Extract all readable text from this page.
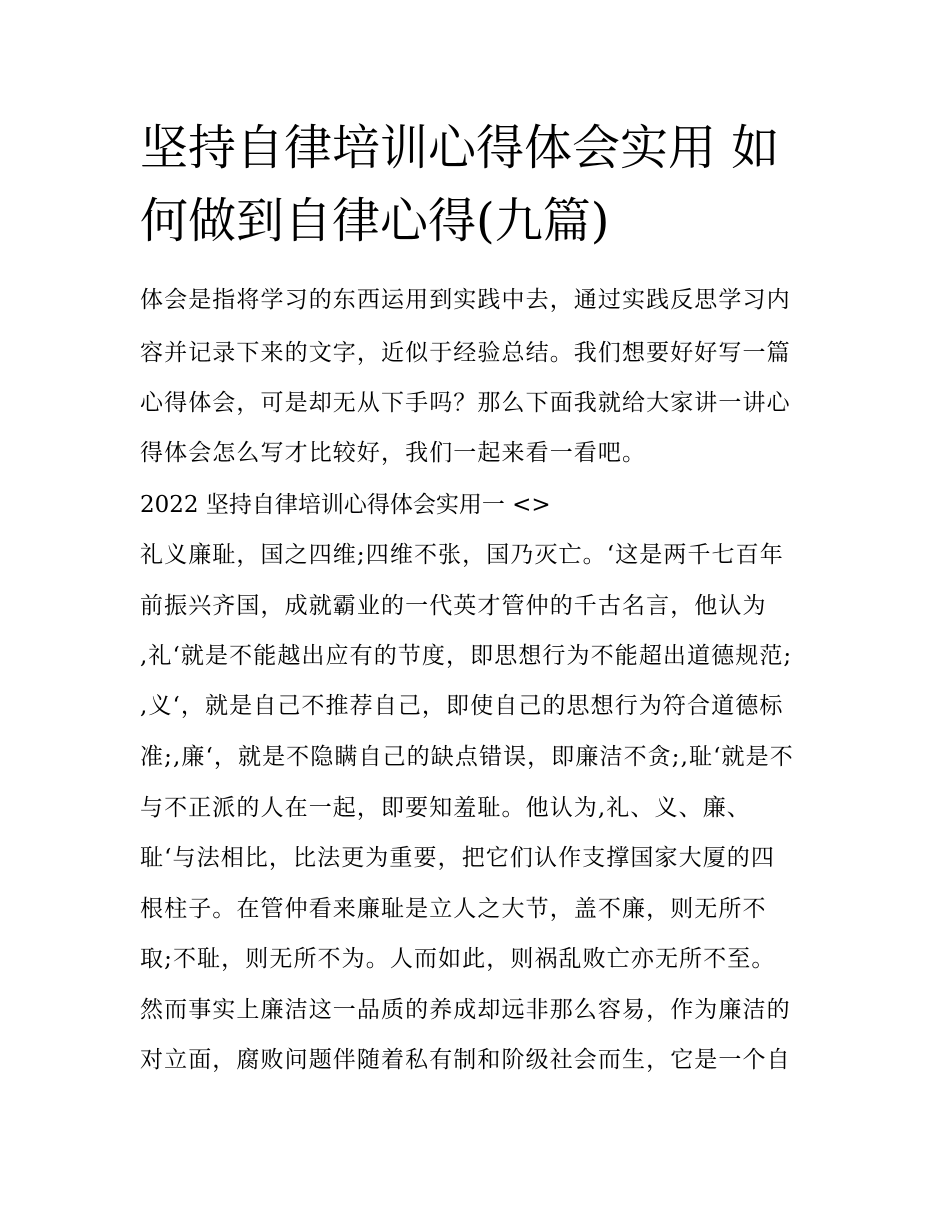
坚持自律培训心得体会实用 如
何做到自律心得(九篇)

体会是指将学习的东西运用到实践中去，通过实践反思学习内

容并记录下来的文字，近似于经验总结。我们想要好好写一篇

心得体会，可是却无从下手吗？那么下面我就给大家讲一讲心

得体会怎么写才比较好，我们一起来看一看吧。

2022 坚持自律培训心得体会实用一 <>

礼义廉耻，国之四维;四维不张，国乃灭亡。‘这是两千七百年

前振兴齐国，成就霸业的一代英才管仲的千古名言，他认为

,礼‘就是不能越出应有的节度，即思想行为不能超出道德规范;

,义‘，就是自己不推荐自己，即使自己的思想行为符合道德标

准;,廉‘，就是不隐瞒自己的缺点错误，即廉洁不贪;,耻‘就是不

与不正派的人在一起，即要知羞耻。他认为,礼、义、廉、

耻‘与法相比，比法更为重要，把它们认作支撑国家大厦的四

根柱子。在管仲看来廉耻是立人之大节，盖不廉，则无所不

取;不耻，则无所不为。人而如此，则祸乱败亡亦无所不至。

然而事实上廉洁这一品质的养成却远非那么容易，作为廉洁的

对立面，腐败问题伴随着私有制和阶级社会而生，它是一个自
